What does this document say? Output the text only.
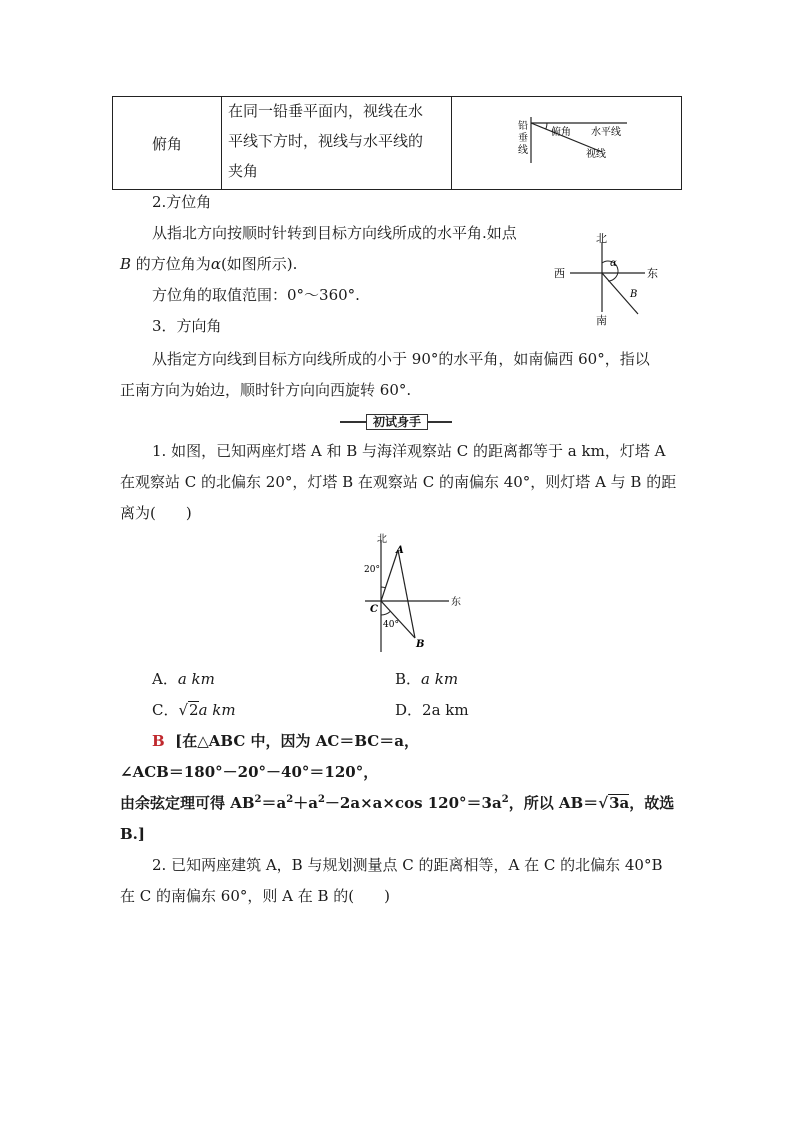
俯角
在同一铅垂平面内，视线在水
平线下方时，视线与水平线的
夹角
铅
垂
线
俯角 水平线
视线
2.方位角
从指北方向按顺时针转到目标方向线所成的水平角.如点
B 的方位角为α(如图所示).
方位角的取值范围：0°～360°.
北
南
西	东
α
B
3．方向角
从指定方向线到目标方向线所成的小于 90°的水平角，如南偏西 60°，指以
正南方向为始边，顺时针方向向西旋转 60°.
初试身手
1. 如图，已知两座灯塔 A 和 B 与海洋观察站 C 的距离都等于 a km，灯塔 A
在观察站 C 的北偏东 20°，灯塔 B 在观察站 C 的南偏东 40°，则灯塔 A 与 B 的距
离为(　　)
北
东
A
B
C
20°
40°
A．a km	B．a km
C．√2a km	D．2a km
B [在△ABC 中，因为 AC＝BC＝a，
∠ACB＝180°－20°－40°＝120°，
由余弦定理可得 $AB^2=a^2+a^2-2a\times a\times\cos$ $120^\circ=3a^2$，所以 AB＝√3a，故选
B.]
2. 已知两座建筑 A，B 与规划测量点 C 的距离相等，A 在 C 的北偏东 40°B
在 C 的南偏东 60°，则 A 在 B 的(　　)
